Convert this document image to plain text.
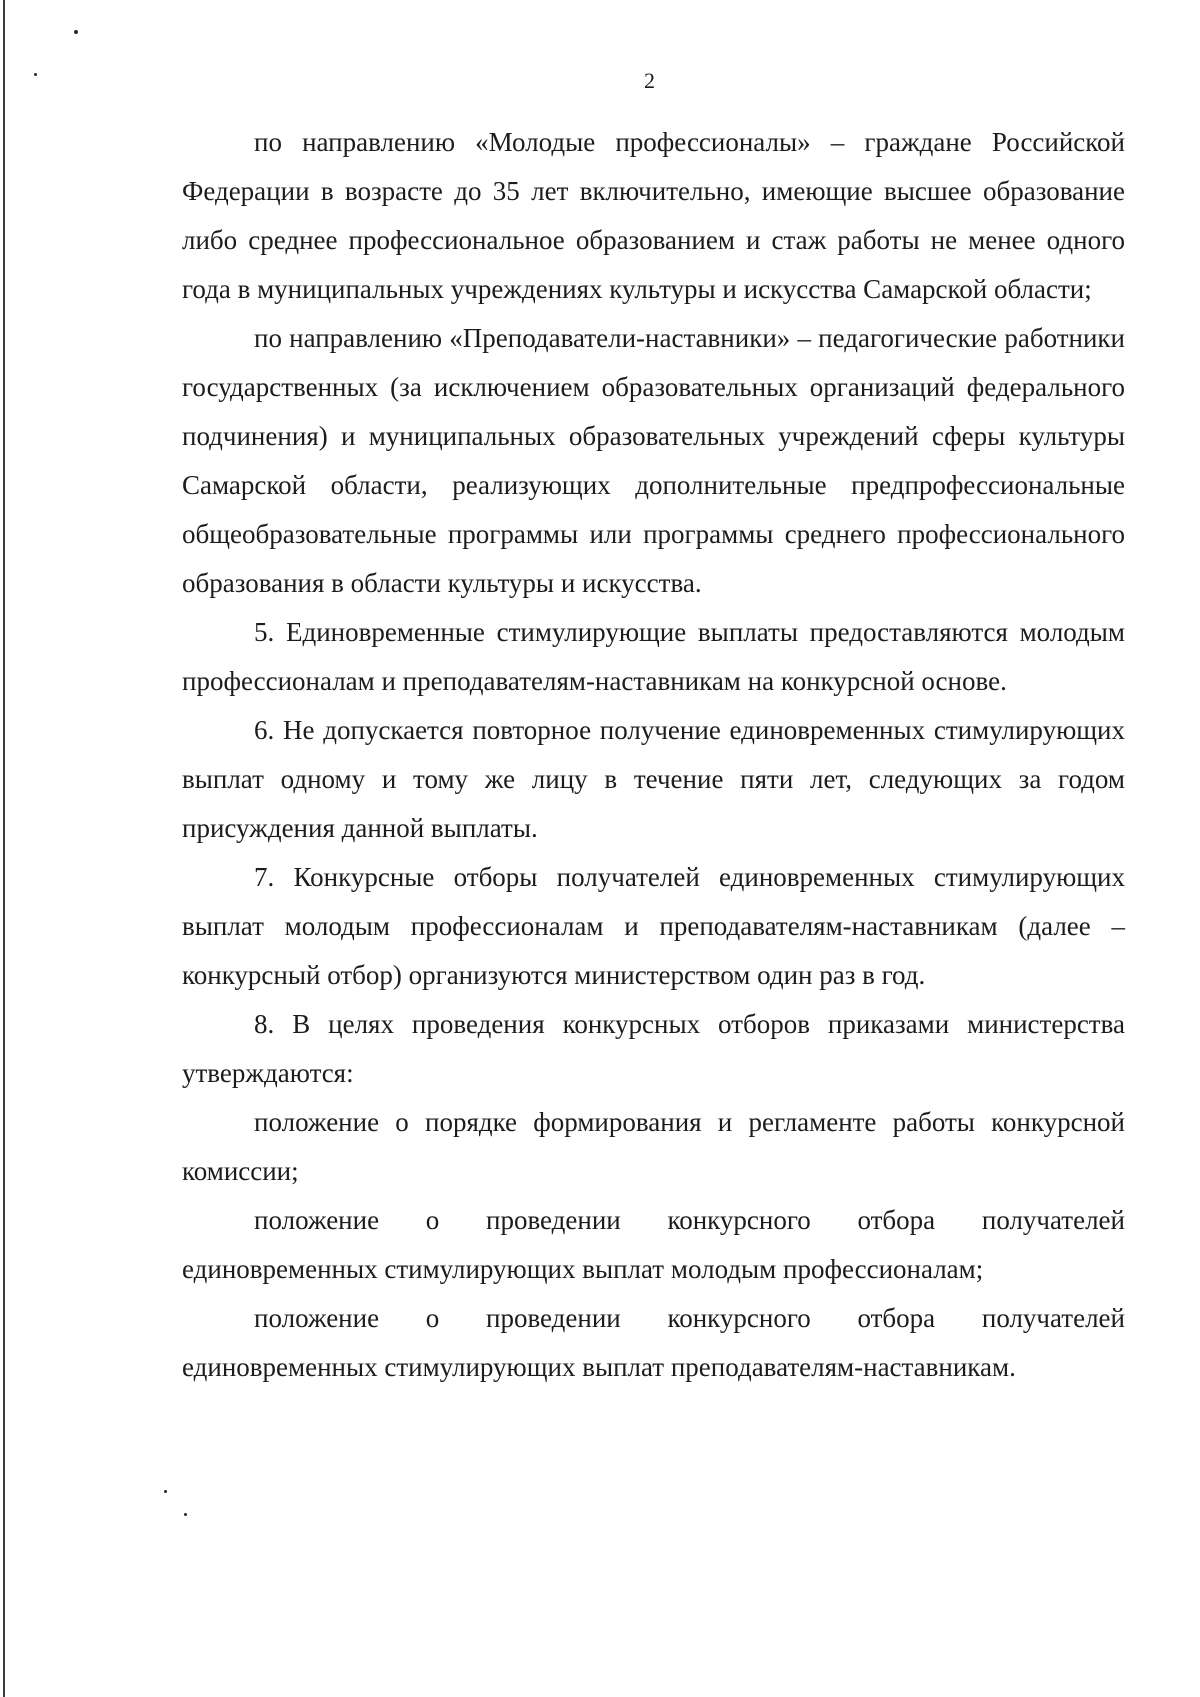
2

по направлению «Молодые профессионалы» – граждане Российской Федерации в возрасте до 35 лет включительно, имеющие высшее образование либо среднее профессиональное образованием и стаж работы не менее одного года в муниципальных учреждениях культуры и искусства Самарской области;

по направлению «Преподаватели-наставники» – педагогические работники государственных (за исключением образовательных организаций федерального подчинения) и муниципальных образовательных учреждений сферы культуры Самарской области, реализующих дополнительные предпрофессиональные общеобразовательные программы или программы среднего профессионального образования в области культуры и искусства.

5. Единовременные стимулирующие выплаты предоставляются молодым профессионалам и преподавателям-наставникам на конкурсной основе.

6. Не допускается повторное получение единовременных стимулирующих выплат одному и тому же лицу в течение пяти лет, следующих за годом присуждения данной выплаты.

7. Конкурсные отборы получателей единовременных стимулирующих выплат молодым профессионалам и преподавателям-наставникам (далее – конкурсный отбор) организуются министерством один раз в год.

8. В целях проведения конкурсных отборов приказами министерства утверждаются:

положение о порядке формирования и регламенте работы конкурсной комиссии;

положение о проведении конкурсного отбора получателей единовременных стимулирующих выплат молодым профессионалам;

положение о проведении конкурсного отбора получателей единовременных стимулирующих выплат преподавателям-наставникам.
